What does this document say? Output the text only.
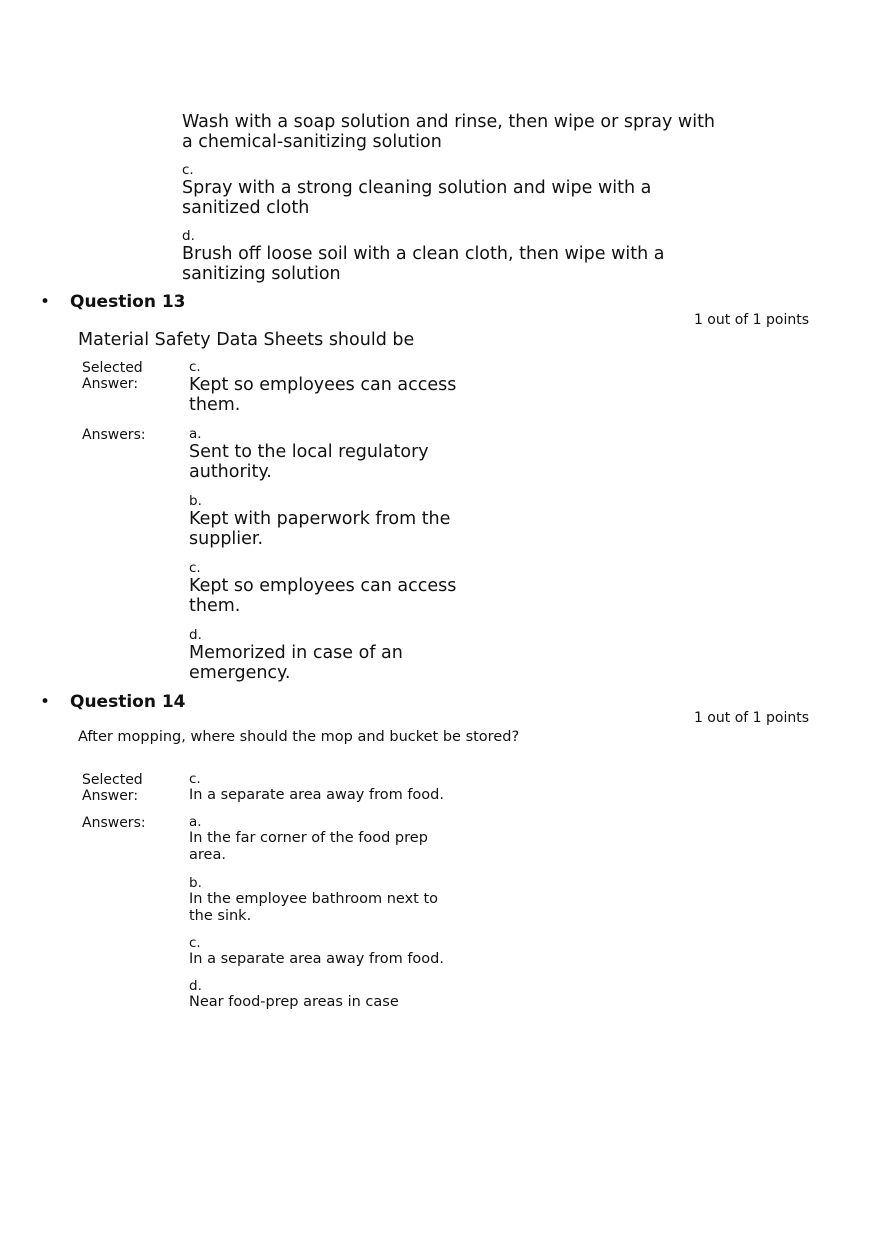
Wash with a soap solution and rinse, then wipe or spray with a chemical-sanitizing solution
c.
Spray with a strong cleaning solution and wipe with a sanitized cloth
d.
Brush off loose soil with a clean cloth, then wipe with a sanitizing solution
• Question 13
1 out of 1 points
Material Safety Data Sheets should be
Selected Answer:
c.
Kept so employees can access them.
Answers:	a.
Sent to the local regulatory authority.
b.
Kept with paperwork from the supplier.
c.
Kept so employees can access them.
d.
Memorized in case of an emergency.
• Question 14
1 out of 1 points
After mopping, where should the mop and bucket be stored?
Selected Answer:
c.
In a separate area away from food.
Answers:	a.
In the far corner of the food prep area.
b.
In the employee bathroom next to the sink.
c.
In a separate area away from food.
d.
Near food-prep areas in case
